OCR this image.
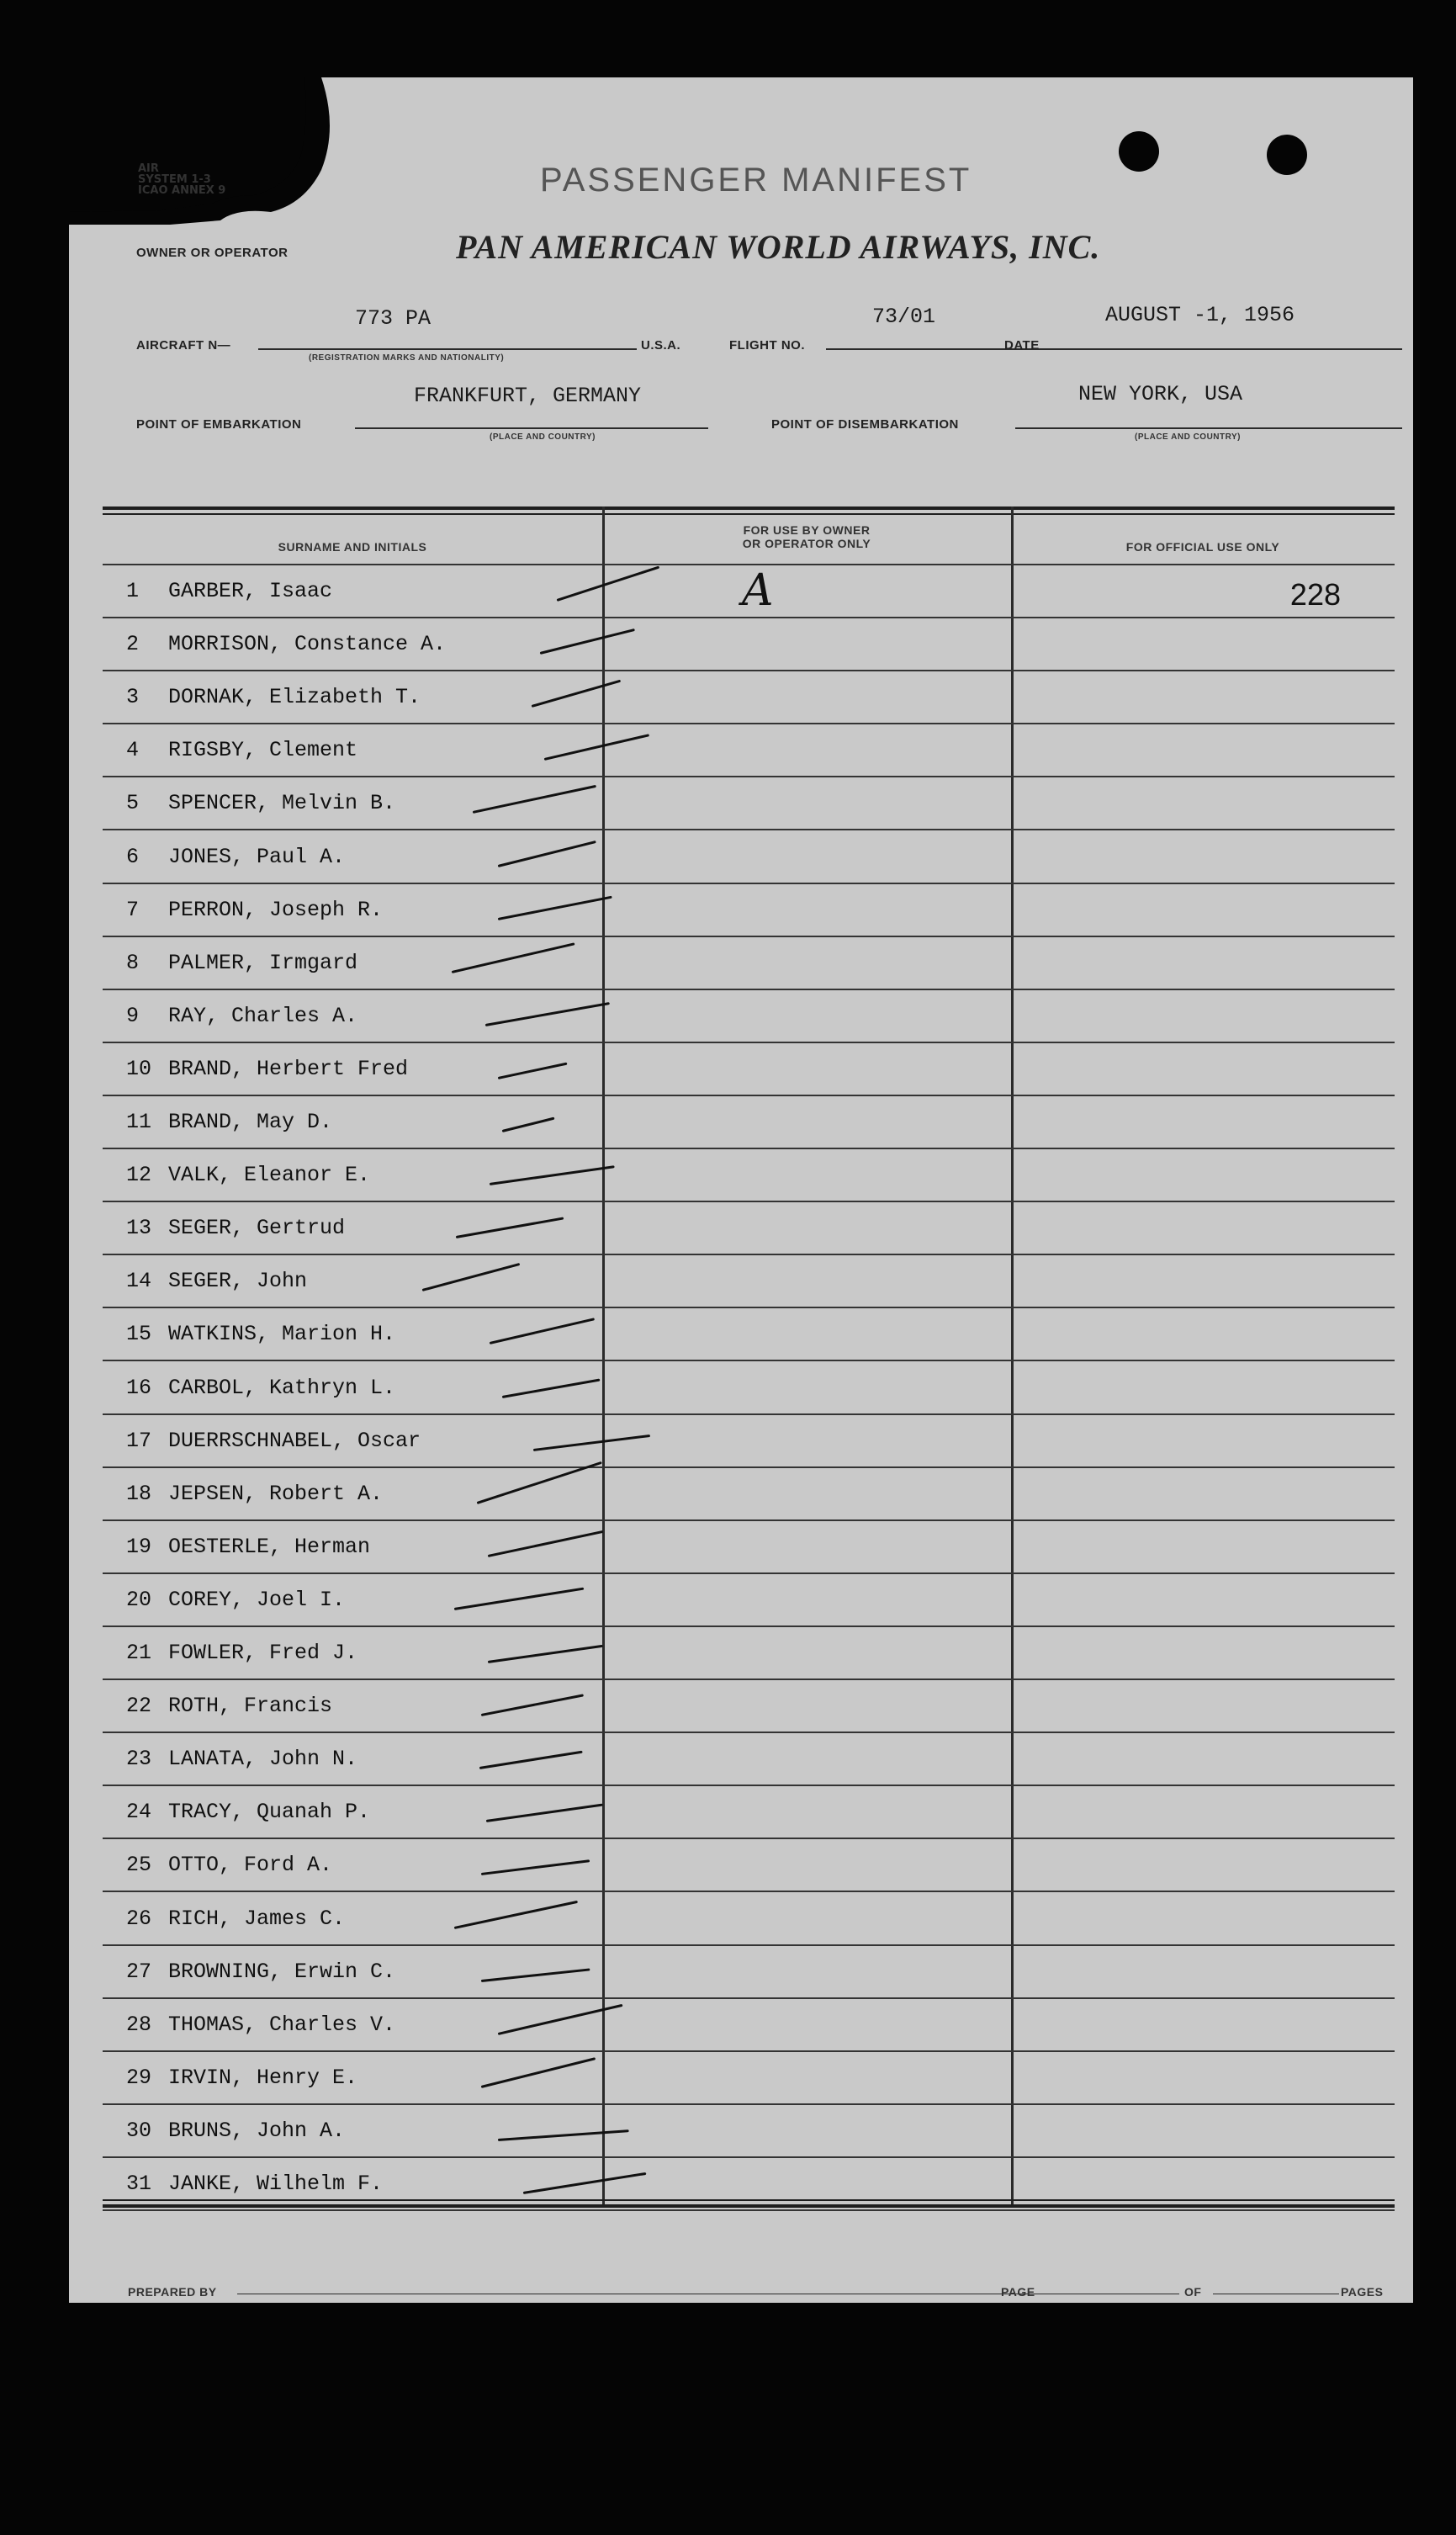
AIR
SYSTEM 1-3
ICAO ANNEX 9	PASSENGER MANIFEST
OWNER OR OPERATOR	PAN AMERICAN WORLD AIRWAYS, INC.
AIRCRAFT N—
773 PA
(REGISTRATION MARKS AND NATIONALITY)
U.S.A.	FLIGHT NO.
73/01
DATE
AUGUST -1, 1956
POINT OF EMBARKATION
FRANKFURT, GERMANY
(PLACE AND COUNTRY)
POINT OF DISEMBARKATION
NEW YORK, USA
(PLACE AND COUNTRY)
SURNAME AND INITIALS
FOR USE BY OWNER
OR OPERATOR ONLY	FOR OFFICIAL USE ONLY
1 GARBER, Isaac	A	228
2 MORRISON, Constance A.
3 DORNAK, Elizabeth T.
4 RIGSBY, Clement
5 SPENCER, Melvin B.
6 JONES, Paul A.
7 PERRON, Joseph R.
8 PALMER, Irmgard
9 RAY, Charles A.
10 BRAND, Herbert Fred
11 BRAND, May D.
12 VALK, Eleanor E.
13 SEGER, Gertrud
14 SEGER, John
15 WATKINS, Marion H.
16 CARBOL, Kathryn L.
17 DUERRSCHNABEL, Oscar
18 JEPSEN, Robert A.
19 OESTERLE, Herman
20 COREY, Joel I.
21 FOWLER, Fred J.
22 ROTH, Francis
23 LANATA, John N.
24 TRACY, Quanah P.
25 OTTO, Ford A.
26 RICH, James C.
27 BROWNING, Erwin C.
28 THOMAS, Charles V.
29 IRVIN, Henry E.
30 BRUNS, John A.
31 JANKE, Wilhelm F.
PREPARED BY	PAGE	OF	PAGES
